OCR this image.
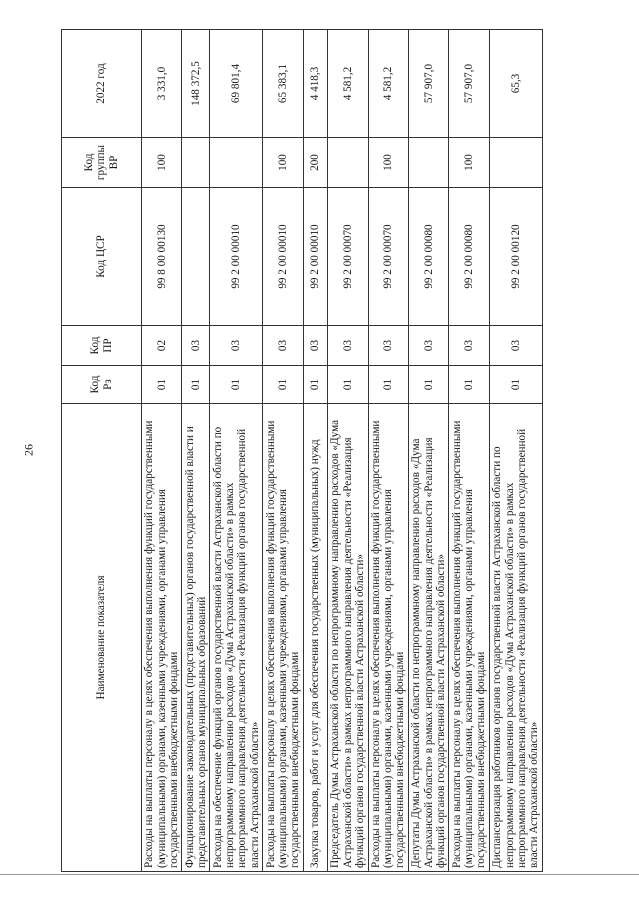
26
Наименование показателя	Код Рз	Код ПР	Код ЦСР	Код группы ВР	2022 год
Расходы на выплаты персоналу в целях обеспечения выполнения функций государственными (муниципальными) органами, казенными учреждениями, органами управления государственными внебюджетными фондами	01	02	99 8 00 00130	100	3 331,0
Функционирование законодательных (представительных) органов государственной власти и представительных органов муниципальных образований	01	03			148 372,5
Расходы на обеспечение функций органов государственной власти Астраханской области по непрограммному направлению расходов «Дума Астраханской области» в рамках непрограммного направления деятельности «Реализация функций органов государственной власти Астраханской области»	01	03	99 2 00 00010		69 801,4
Расходы на выплаты персоналу в целях обеспечения выполнения функций государственными (муниципальными) органами, казенными учреждениями, органами управления государственными внебюджетными фондами	01	03	99 2 00 00010	100	65 383,1
Закупка товаров, работ и услуг для обеспечения государственных (муниципальных) нужд	01	03	99 2 00 00010	200	4 418,3
Председатель Думы Астраханской области по непрограммному направлению расходов «Дума Астраханской области» в рамках непрограммного направления деятельности «Реализация функций органов государственной власти Астраханской области»	01	03	99 2 00 00070		4 581,2
Расходы на выплаты персоналу в целях обеспечения выполнения функций государственными (муниципальными) органами, казенными учреждениями, органами управления государственными внебюджетными фондами	01	03	99 2 00 00070	100	4 581,2
Депутаты Думы Астраханской области по непрограммному направлению расходов «Дума Астраханской области» в рамках непрограммного направления деятельности «Реализация функций органов государственной власти Астраханской области»	01	03	99 2 00 00080		57 907,0
Расходы на выплаты персоналу в целях обеспечения выполнения функций государственными (муниципальными) органами, казенными учреждениями, органами управления государственными внебюджетными фондами	01	03	99 2 00 00080	100	57 907,0
Диспансеризация работников органов государственной власти Астраханской области по непрограммному направлению расходов «Дума Астраханской области» в рамках непрограммного направления деятельности «Реализация функций органов государственной власти Астраханской области»	01	03	99 2 00 00120		65,3
